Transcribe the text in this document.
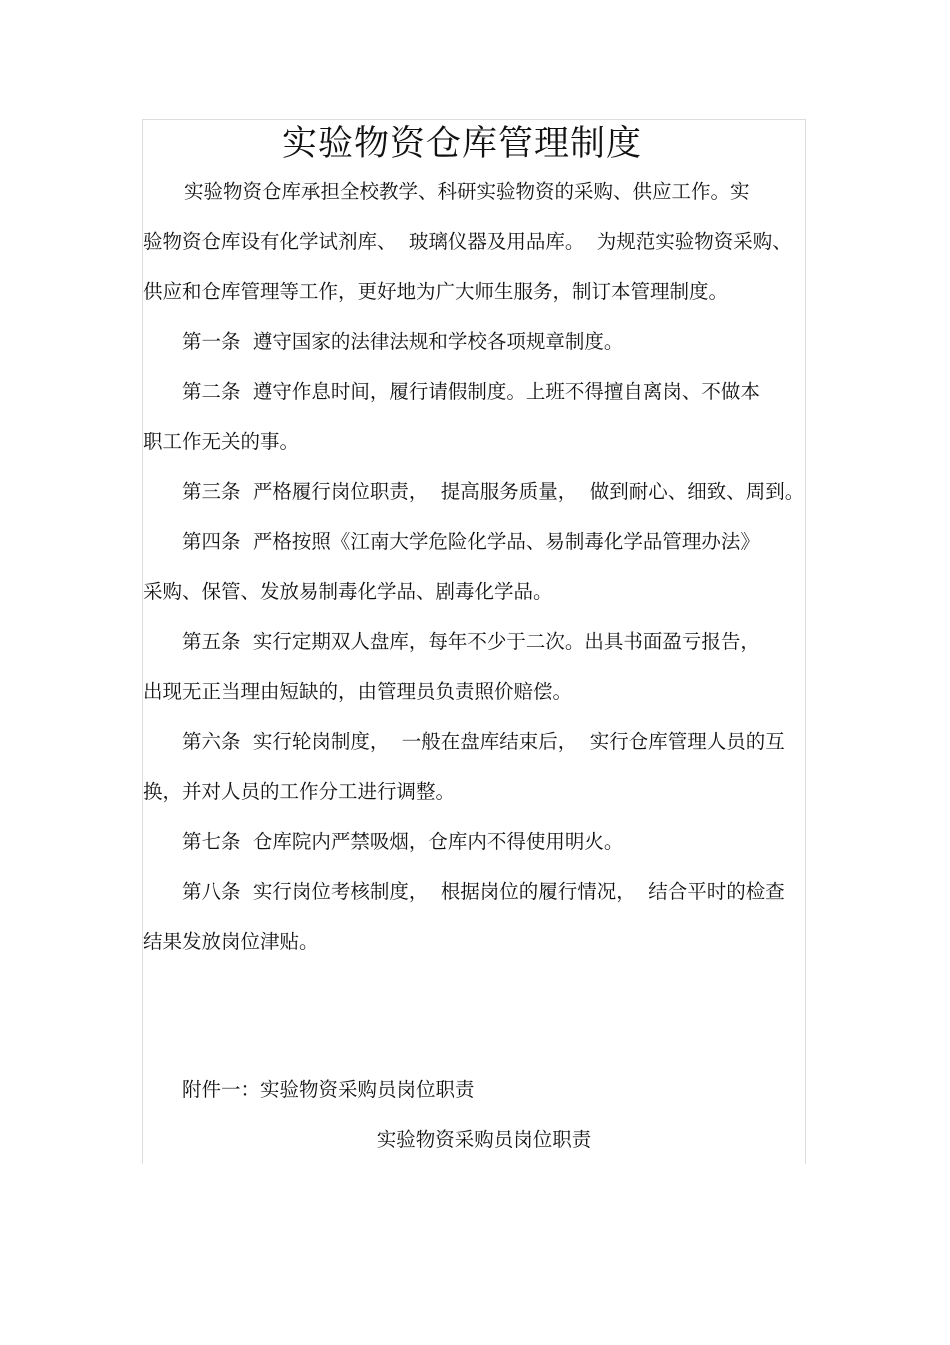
实验物资仓库管理制度
实验物资仓库承担全校教学、科研实验物资的采购、供应工作。实
验物资仓库设有化学试剂库、  玻璃仪器及用品库。  为规范实验物资采购、
供应和仓库管理等工作，更好地为广大师生服务，制订本管理制度。
第一条  遵守国家的法律法规和学校各项规章制度。
第二条  遵守作息时间，履行请假制度。上班不得擅自离岗、不做本
职工作无关的事。
第三条  严格履行岗位职责，  提高服务质量，  做到耐心、细致、周到。
第四条  严格按照《江南大学危险化学品、易制毒化学品管理办法》
采购、保管、发放易制毒化学品、剧毒化学品。
第五条  实行定期双人盘库，每年不少于二次。出具书面盈亏报告，
出现无正当理由短缺的，由管理员负责照价赔偿。
第六条  实行轮岗制度，  一般在盘库结束后，  实行仓库管理人员的互
换，并对人员的工作分工进行调整。
第七条  仓库院内严禁吸烟，仓库内不得使用明火。
第八条  实行岗位考核制度，  根据岗位的履行情况，  结合平时的检查
结果发放岗位津贴。
附件一：实验物资采购员岗位职责
实验物资采购员岗位职责
